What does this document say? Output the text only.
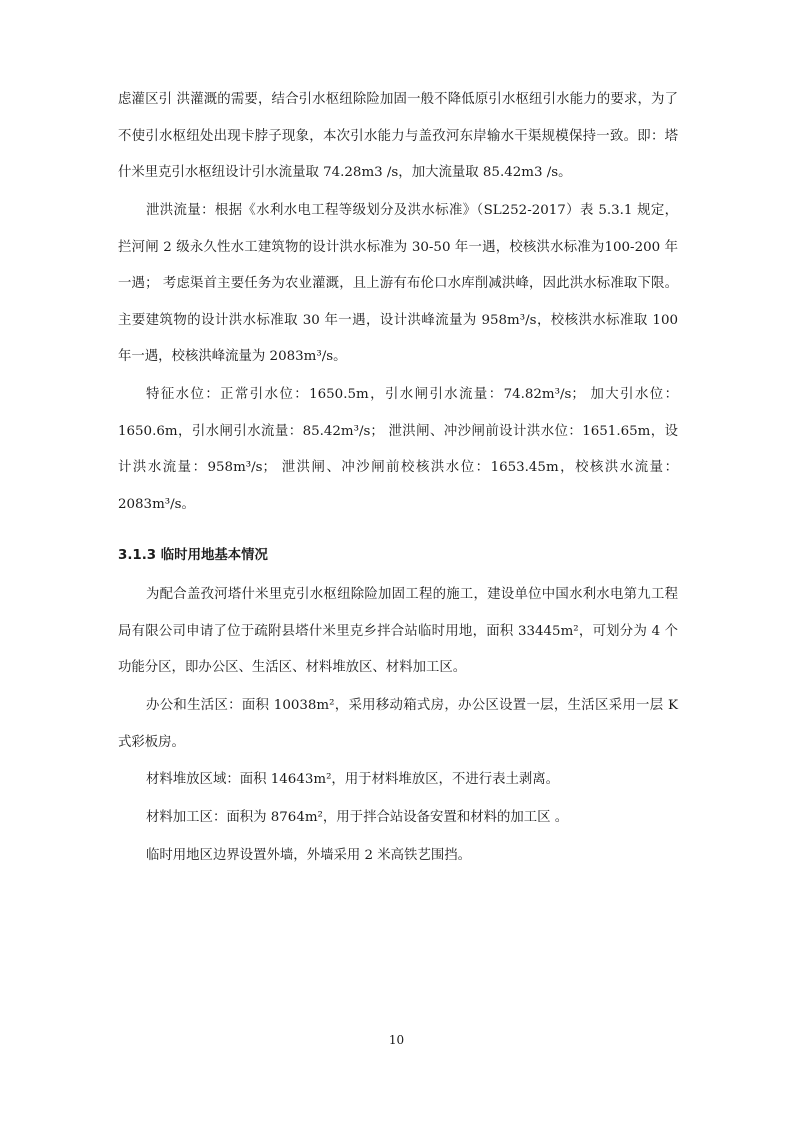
虑灌区引 洪灌溉的需要，结合引水枢纽除险加固一般不降低原引水枢纽引水能力的要求，为了不使引水枢纽处出现卡脖子现象，本次引水能力与盖孜河东岸输水干渠规模保持一致。即：塔什米里克引水枢纽设计引水流量取 74.28m3 /s，加大流量取 85.42m3 /s。

泄洪流量：根据《水利水电工程等级划分及洪水标准》（SL252-2017）表 5.3.1 规定，拦河闸 2 级永久性水工建筑物的设计洪水标准为 30-50 年一遇，校核洪水标准为100-200 年一遇； 考虑渠首主要任务为农业灌溉，且上游有布伦口水库削减洪峰，因此洪水标准取下限。 主要建筑物的设计洪水标准取 30 年一遇，设计洪峰流量为 958m³/s，校核洪水标准取 100 年一遇，校核洪峰流量为 2083m³/s。

特征水位：正常引水位：1650.5m，引水闸引水流量：74.82m³/s； 加大引水位：1650.6m，引水闸引水流量：85.42m³/s； 泄洪闸、冲沙闸前设计洪水位：1651.65m，设计洪水流量：958m³/s； 泄洪闸、冲沙闸前校核洪水位：1653.45m，校核洪水流量：2083m³/s。

3.1.3 临时用地基本情况

为配合盖孜河塔什米里克引水枢纽除险加固工程的施工，建设单位中国水利水电第九工程局有限公司申请了位于疏附县塔什米里克乡拌合站临时用地，面积 33445m²，可划分为 4 个功能分区，即办公区、生活区、材料堆放区、材料加工区。

办公和生活区：面积 10038m²，采用移动箱式房，办公区设置一层，生活区采用一层 K 式彩板房。

材料堆放区域：面积 14643m²，用于材料堆放区，不进行表土剥离。

材料加工区：面积为 8764m²，用于拌合站设备安置和材料的加工区 。

临时用地区边界设置外墙，外墙采用 2 米高铁艺围挡。

10
